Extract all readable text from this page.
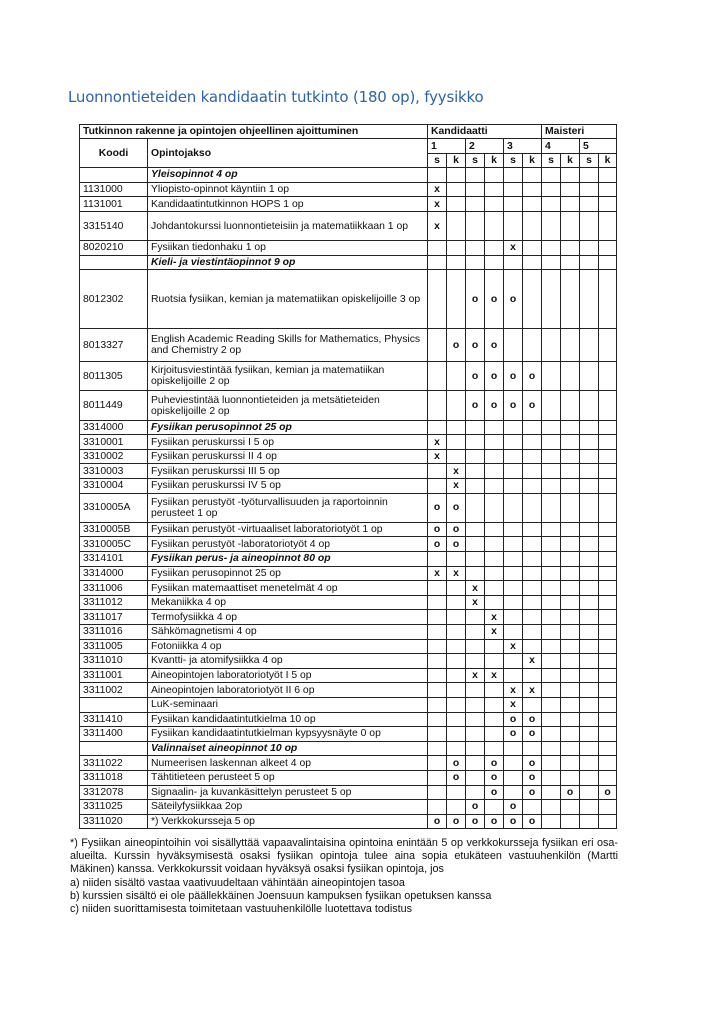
Luonnontieteiden kandidaatin tutkinto (180 op), fyysikko
Tutkinnon rakenne ja opintojen ohjeellinen ajoittuminen		Kandidaatti						Maisteri			
Koodi	Opintojakso	1		2		3		4		5	
		s	k	s	k	s	k	s	k	s	k
	Yleisopinnot 4 op										
1131000	Yliopisto-opinnot käyntiin 1 op	x									
1131001	Kandidaatintutkinnon HOPS 1 op	x									
3315140	Johdantokurssi luonnontieteisiin ja matematiikkaan 1 op	x									
8020210	Fysiikan tiedonhaku 1 op					x					
	Kieli- ja viestintäopinnot 9 op										
8012302	Ruotsia fysiikan, kemian ja matematiikan opiskelijoille 3 op			o	o	o					
8013327	English Academic Reading Skills for Mathematics, Physics and Chemistry 2 op		o	o	o						
8011305	Kirjoitusviestintää fysiikan, kemian ja matematiikan opiskelijoille 2 op			o	o	o	o				
8011449	Puheviestintää luonnontieteiden ja metsätieteiden opiskelijoille 2 op			o	o	o	o				
3314000	Fysiikan perusopinnot 25 op										
3310001	Fysiikan peruskurssi I 5 op	x									
3310002	Fysiikan peruskurssi II 4 op	x									
3310003	Fysiikan peruskurssi III 5 op		x								
3310004	Fysiikan peruskurssi IV 5 op		x								
3310005A	Fysiikan perustyöt -työturvallisuuden ja raportoinnin perusteet 1 op	o	o								
3310005B	Fysiikan perustyöt -virtuaaliset laboratoriotyöt 1 op	o	o								
3310005C	Fysiikan perustyöt -laboratoriotyöt 4 op	o	o								
3314101	Fysiikan perus- ja aineopinnot 80 op										
3314000	Fysiikan perusopinnot 25 op	x	x								
3311006	Fysiikan matemaattiset menetelmät 4 op			x							
3311012	Mekaniikka 4 op			x							
3311017	Termofysiikka 4 op				x						
3311016	Sähkömagnetismi 4 op				x						
3311005	Fotoniikka 4 op					x					
3311010	Kvantti- ja atomifysiikka 4 op						x				
3311001	Aineopintojen laboratoriotyöt I 5 op			x	x						
3311002	Aineopintojen laboratoriotyöt II 6 op					x	x				
	LuK-seminaari					x					
3311410	Fysiikan kandidaatintutkielma 10 op					o	o				
3311400	Fysiikan kandidaatintutkielman kypsyysnäyte 0 op					o	o				
	Valinnaiset aineopinnot 10 op										
3311022	Numeerisen laskennan alkeet 4 op		o		o		o				
3311018	Tähtitieteen perusteet 5 op		o		o		o				
3312078	Signaalin- ja kuvankäsittelyn perusteet 5 op				o		o		o		o
3311025	Säteilyfysiikkaa 2op			o		o					
3311020	*) Verkkokursseja 5 op	o	o	o	o	o	o				

*) Fysiikan aineopintoihin voi sisällyttää vapaavalintaisina opintoina enintään 5 op verkkokursseja fysiikan eri osa-alueilta. Kurssin hyväksymisestä osaksi fysiikan opintoja tulee aina sopia etukäteen vastuuhenkilön (Martti Mäkinen) kanssa. Verkkokurssit voidaan hyväksyä osaksi fysiikan opintoja, jos

a) niiden sisältö vastaa vaativuudeltaan vähintään aineopintojen tasoa

b) kurssien sisältö ei ole päällekkäinen Joensuun kampuksen fysiikan opetuksen kanssa

c) niiden suorittamisesta toimitetaan vastuuhenkilölle luotettava todistus
